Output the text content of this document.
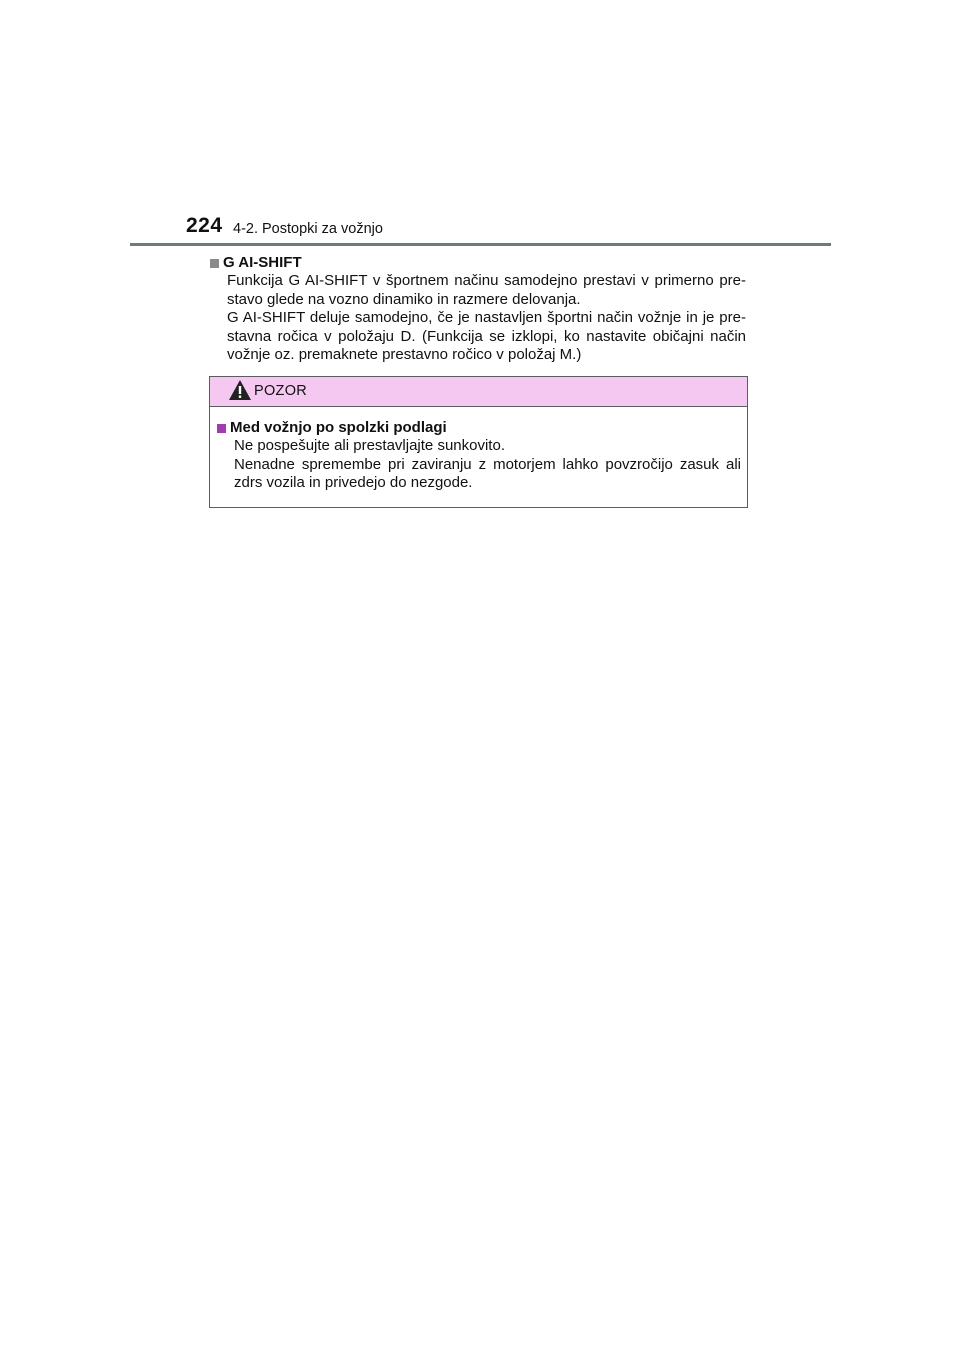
224 4-2. Postopki za vožnjo
G AI-SHIFT
Funkcija G AI-SHIFT v športnem načinu samodejno prestavi v primerno pre-stavo glede na vozno dinamiko in razmere delovanja.
G AI-SHIFT deluje samodejno, če je nastavljen športni način vožnje in je pre-stavna ročica v položaju D. (Funkcija se izklopi, ko nastavite običajni način vožnje oz. premaknete prestavno ročico v položaj M.)
POZOR
Med vožnjo po spolzki podlagi
Ne pospešujte ali prestavljajte sunkovito.
Nenadne spremembe pri zaviranju z motorjem lahko povzročijo zasuk ali zdrs vozila in privedejo do nezgode.
